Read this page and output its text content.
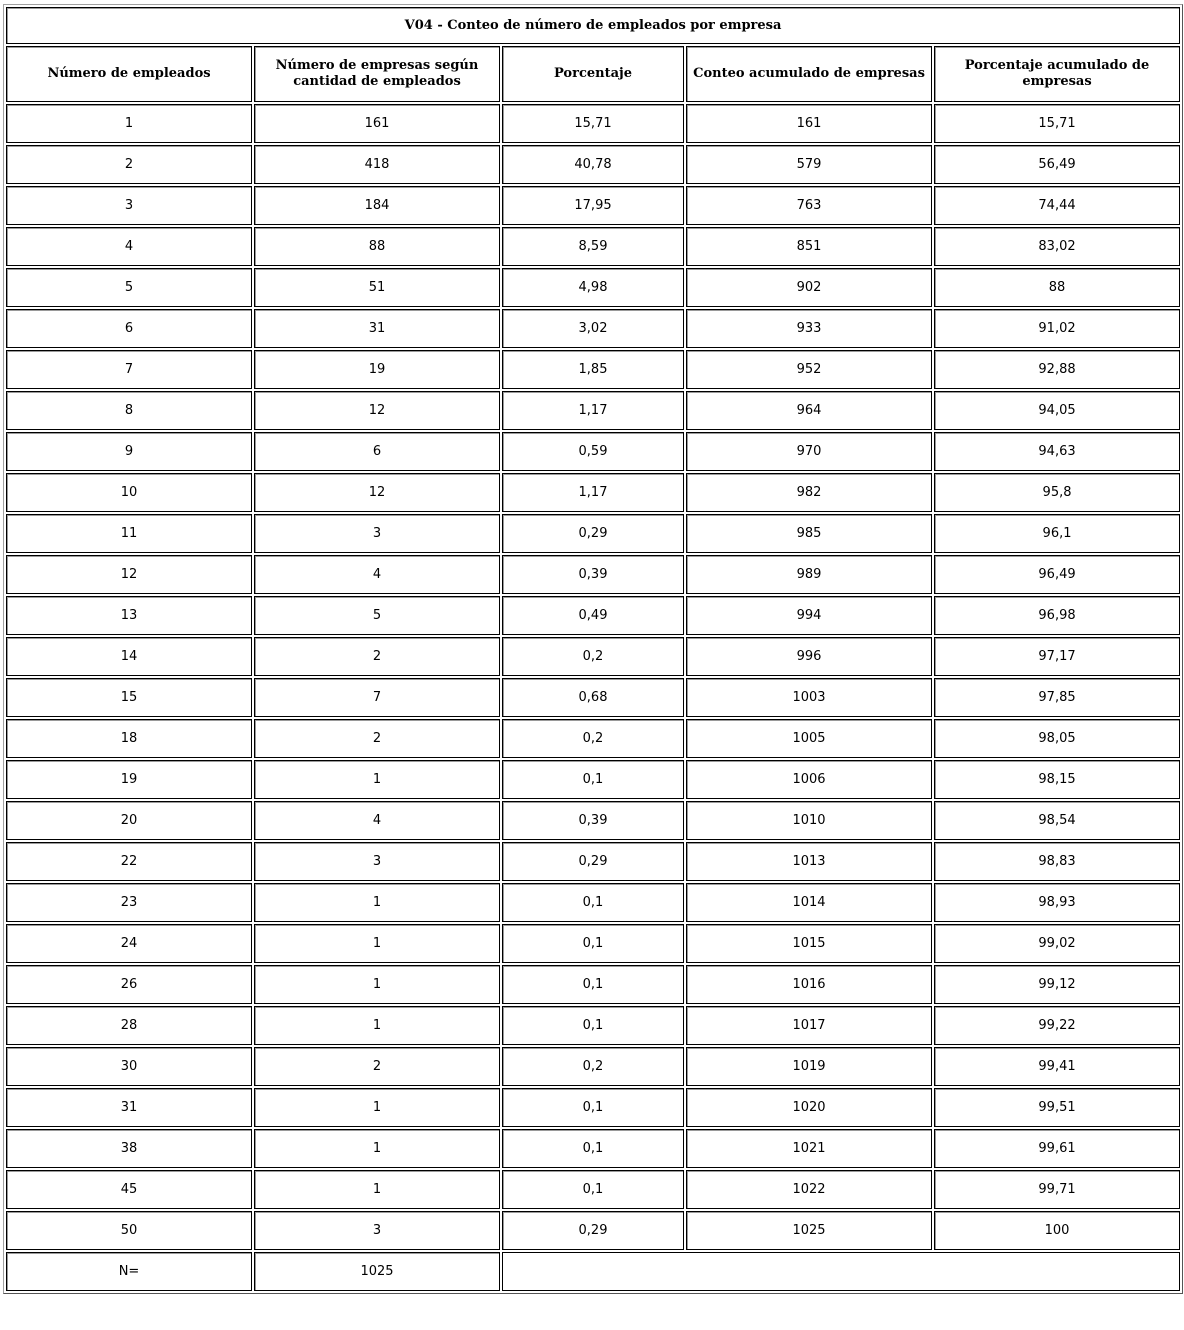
V04 - Conteo de número de empleados por empresa				
Número de empleados	Número de empresas según cantidad de empleados	Porcentaje	Conteo acumulado de empresas	Porcentaje acumulado de empresas
1	161	15,71	161	15,71
2	418	40,78	579	56,49
3	184	17,95	763	74,44
4	88	8,59	851	83,02
5	51	4,98	902	88
6	31	3,02	933	91,02
7	19	1,85	952	92,88
8	12	1,17	964	94,05
9	6	0,59	970	94,63
10	12	1,17	982	95,8
11	3	0,29	985	96,1
12	4	0,39	989	96,49
13	5	0,49	994	96,98
14	2	0,2	996	97,17
15	7	0,68	1003	97,85
18	2	0,2	1005	98,05
19	1	0,1	1006	98,15
20	4	0,39	1010	98,54
22	3	0,29	1013	98,83
23	1	0,1	1014	98,93
24	1	0,1	1015	99,02
26	1	0,1	1016	99,12
28	1	0,1	1017	99,22
30	2	0,2	1019	99,41
31	1	0,1	1020	99,51
38	1	0,1	1021	99,61
45	1	0,1	1022	99,71
50	3	0,29	1025	100
N=	1025			
